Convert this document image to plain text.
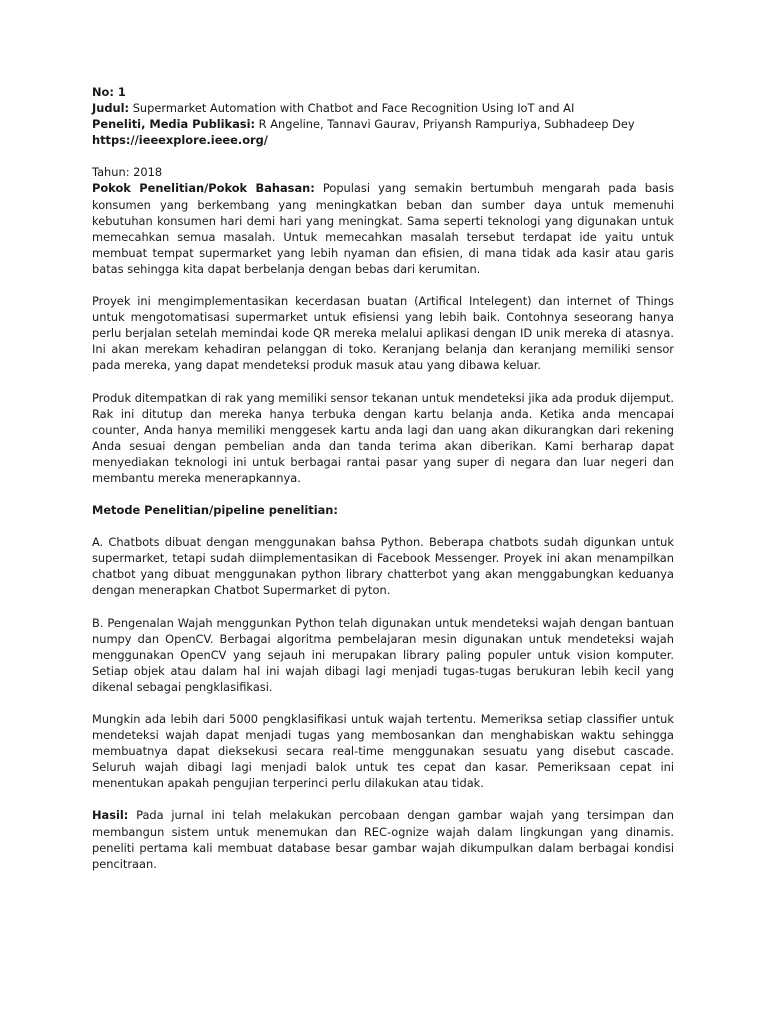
No: 1
Judul: Supermarket Automation with Chatbot and Face Recognition Using IoT and AI
Peneliti, Media Publikasi: R Angeline, Tannavi Gaurav, Priyansh Rampuriya, Subhadeep Dey
https://ieeexplore.ieee.org/
Tahun: 2018

Pokok Penelitian/Pokok Bahasan: Populasi yang semakin bertumbuh mengarah pada basis konsumen yang berkembang yang meningkatkan beban dan sumber daya untuk memenuhi kebutuhan konsumen hari demi hari yang meningkat. Sama seperti teknologi yang digunakan untuk memecahkan semua masalah. Untuk memecahkan masalah tersebut terdapat ide yaitu untuk membuat tempat supermarket yang lebih nyaman dan efisien, di mana tidak ada kasir atau garis batas sehingga kita dapat berbelanja dengan bebas dari kerumitan.

Proyek ini mengimplementasikan kecerdasan buatan (Artifical Intelegent) dan internet of Things untuk mengotomatisasi supermarket untuk efisiensi yang lebih baik. Contohnya seseorang hanya perlu berjalan setelah memindai kode QR mereka melalui aplikasi dengan ID unik mereka di atasnya. Ini akan merekam kehadiran pelanggan di toko. Keranjang belanja dan keranjang memiliki sensor pada mereka, yang dapat mendeteksi produk masuk atau yang dibawa keluar.

Produk ditempatkan di rak yang memiliki sensor tekanan untuk mendeteksi jika ada produk dijemput. Rak ini ditutup dan mereka hanya terbuka dengan kartu belanja anda. Ketika anda mencapai counter, Anda hanya memiliki menggesek kartu anda lagi dan uang akan dikurangkan dari rekening Anda sesuai dengan pembelian anda dan tanda terima akan diberikan. Kami berharap dapat menyediakan teknologi ini untuk berbagai rantai pasar yang super di negara dan luar negeri dan membantu mereka menerapkannya.

Metode Penelitian/pipeline penelitian:

A. Chatbots dibuat dengan menggunakan bahsa Python. Beberapa chatbots sudah digunkan untuk supermarket, tetapi sudah diimplementasikan di Facebook Messenger. Proyek ini akan menampilkan chatbot yang dibuat menggunakan python library chatterbot yang akan menggabungkan keduanya dengan menerapkan Chatbot Supermarket di pyton.

B. Pengenalan Wajah menggunkan Python telah digunakan untuk mendeteksi wajah dengan bantuan numpy dan OpenCV. Berbagai algoritma pembelajaran mesin digunakan untuk mendeteksi wajah menggunakan OpenCV yang sejauh ini merupakan library paling populer untuk vision komputer. Setiap objek atau dalam hal ini wajah dibagi lagi menjadi tugas-tugas berukuran lebih kecil yang dikenal sebagai pengklasifikasi.

Mungkin ada lebih dari 5000 pengklasifikasi untuk wajah tertentu. Memeriksa setiap classifier untuk mendeteksi wajah dapat menjadi tugas yang membosankan dan menghabiskan waktu sehingga membuatnya dapat dieksekusi secara real-time menggunakan sesuatu yang disebut cascade. Seluruh wajah dibagi lagi menjadi balok untuk tes cepat dan kasar. Pemeriksaan cepat ini menentukan apakah pengujian terperinci perlu dilakukan atau tidak.

Hasil: Pada jurnal ini telah melakukan percobaan dengan gambar wajah yang tersimpan dan membangun sistem untuk menemukan dan REC-ognize wajah dalam lingkungan yang dinamis. peneliti pertama kali membuat database besar gambar wajah dikumpulkan dalam berbagai kondisi pencitraan.
